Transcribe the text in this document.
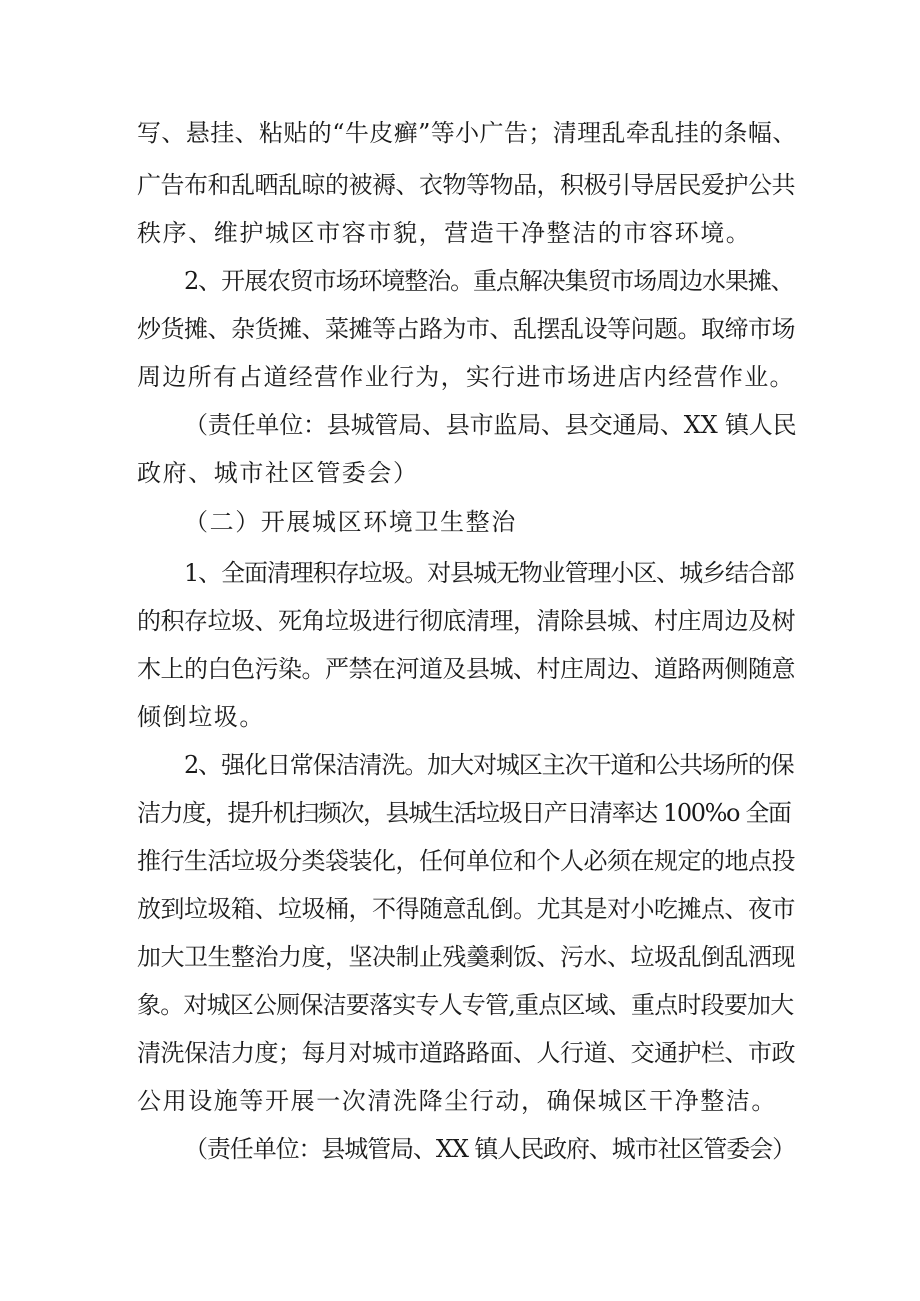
写、悬挂、粘贴的“牛皮癣”等小广告；清理乱牵乱挂的条幅、
广告布和乱晒乱晾的被褥、衣物等物品，积极引导居民爱护公共
秩序、维护城区市容市貌，营造干净整洁的市容环境。
2、开展农贸市场环境整治。重点解决集贸市场周边水果摊、
炒货摊、杂货摊、菜摊等占路为市、乱摆乱设等问题。取缔市场
周边所有占道经营作业行为，实行进市场进店内经营作业。
（责任单位：县城管局、县市监局、县交通局、XX 镇人民
政府、城市社区管委会）
（二）开展城区环境卫生整治
1、全面清理积存垃圾。对县城无物业管理小区、城乡结合部
的积存垃圾、死角垃圾进行彻底清理，清除县城、村庄周边及树
木上的白色污染。严禁在河道及县城、村庄周边、道路两侧随意
倾倒垃圾。
2、强化日常保洁清洗。加大对城区主次干道和公共场所的保
洁力度，提升机扫频次，县城生活垃圾日产日清率达 100%o 全面
推行生活垃圾分类袋装化，任何单位和个人必须在规定的地点投
放到垃圾箱、垃圾桶，不得随意乱倒。尤其是对小吃摊点、夜市
加大卫生整治力度，坚决制止残羹剩饭、污水、垃圾乱倒乱洒现
象。对城区公厕保洁要落实专人专管,重点区域、重点时段要加大
清洗保洁力度；每月对城市道路路面、人行道、交通护栏、市政
公用设施等开展一次清洗降尘行动，确保城区干净整洁。
（责任单位：县城管局、XX 镇人民政府、城市社区管委会）
